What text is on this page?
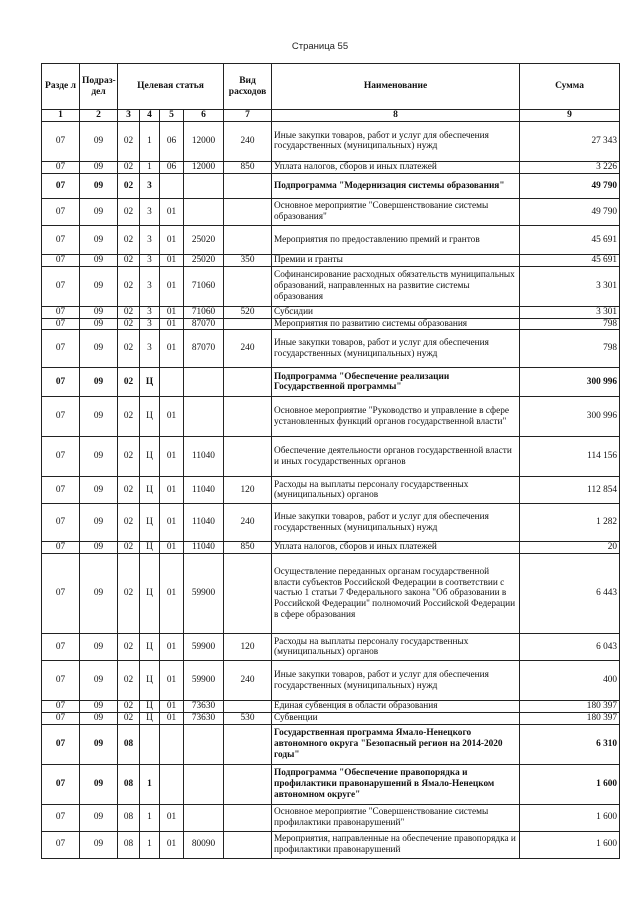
Страница 55
Разде л	Подраз- дел	Целевая статья				Вид расходов	Наименование	Сумма
1	2	3	4	5	6	7	8	9
07	09	02	1	06	12000	240	Иные закупки товаров, работ и услуг для обеспечения государственных (муниципальных) нужд	27 343
07	09	02	1	06	12000	850	Уплата налогов, сборов и иных платежей	3 226
07	09	02	3				Подпрограмма "Модернизация системы образования"	49 790
07	09	02	3	01			Основное мероприятие "Совершенствование системы образования"	49 790
07	09	02	3	01	25020		Мероприятия по предоставлению премий и грантов	45 691
07	09	02	3	01	25020	350	Премии и гранты	45 691
07	09	02	3	01	71060		Софинансирование расходных обязательств муниципальных образований, направленных на развитие системы образования	3 301
07	09	02	3	01	71060	520	Субсидии	3 301
07	09	02	3	01	87070		Мероприятия по развитию системы образования	798
07	09	02	3	01	87070	240	Иные закупки товаров, работ и услуг для обеспечения государственных (муниципальных) нужд	798
07	09	02	Ц				Подпрограмма "Обеспечение реализации Государственной программы"	300 996
07	09	02	Ц	01			Основное мероприятие "Руководство и управление в сфере установленных функций органов государственной власти"	300 996
07	09	02	Ц	01	11040		Обеспечение деятельности органов государственной власти и иных государственных органов	114 156
07	09	02	Ц	01	11040	120	Расходы на выплаты персоналу государственных (муниципальных) органов	112 854
07	09	02	Ц	01	11040	240	Иные закупки товаров, работ и услуг для обеспечения государственных (муниципальных) нужд	1 282
07	09	02	Ц	01	11040	850	Уплата налогов, сборов и иных платежей	20
07	09	02	Ц	01	59900		Осуществление переданных органам государственной власти субъектов Российской Федерации в соответствии с частью 1 статьи 7 Федерального закона "Об образовании в Российской Федерации" полномочий Российской Федерации в сфере образования	6 443
07	09	02	Ц	01	59900	120	Расходы на выплаты персоналу государственных (муниципальных) органов	6 043
07	09	02	Ц	01	59900	240	Иные закупки товаров, работ и услуг для обеспечения государственных (муниципальных) нужд	400
07	09	02	Ц	01	73630		Единая субвенция в области образования	180 397
07	09	02	Ц	01	73630	530	Субвенции	180 397
07	09	08					Государственная программа Ямало-Ненецкого автономного округа "Безопасный регион на 2014-2020 годы"	6 310
07	09	08	1				Подпрограмма "Обеспечение правопорядка и профилактики правонарушений в Ямало-Ненецком автономном округе"	1 600
07	09	08	1	01			Основное мероприятие "Совершенствование системы профилактики правонарушений"	1 600
07	09	08	1	01	80090		Мероприятия, направленные на обеспечение правопорядка и профилактики правонарушений	1 600
